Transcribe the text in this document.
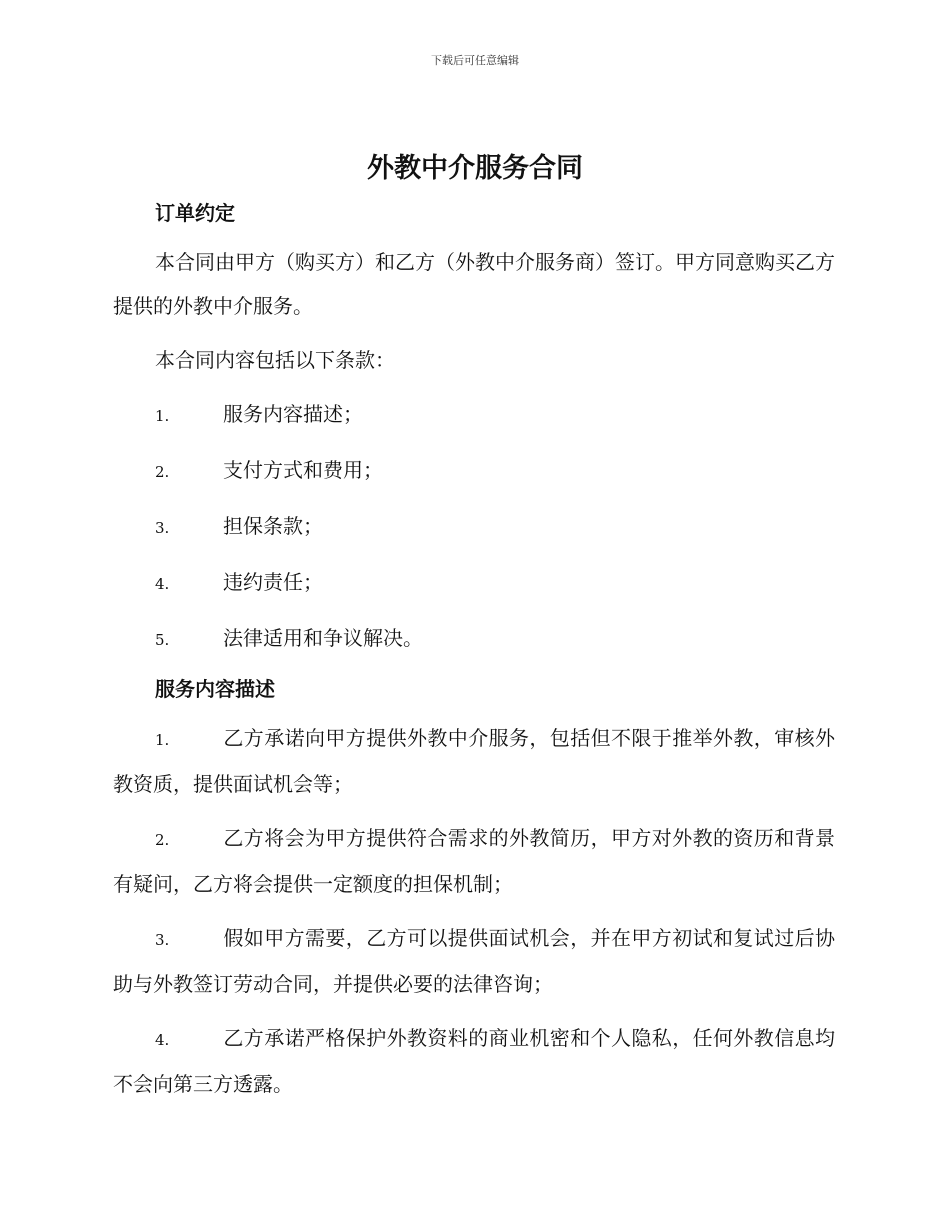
下载后可任意编辑
外教中介服务合同
订单约定

本合同由甲方（购买方）和乙方（外教中介服务商）签订。甲方同意购买乙方提供的外教中介服务。

本合同内容包括以下条款：

1.	服务内容描述；
2.	支付方式和费用；
3.	担保条款；
4.	违约责任；
5.	法律适用和争议解决。
服务内容描述
1.	乙方承诺向甲方提供外教中介服务，包括但不限于推举外教，审核外教资质，提供面试机会等；
2.	乙方将会为甲方提供符合需求的外教简历，甲方对外教的资历和背景有疑问，乙方将会提供一定额度的担保机制；
3.	假如甲方需要，乙方可以提供面试机会，并在甲方初试和复试过后协助与外教签订劳动合同，并提供必要的法律咨询；
4.	乙方承诺严格保护外教资料的商业机密和个人隐私，任何外教信息均不会向第三方透露。
